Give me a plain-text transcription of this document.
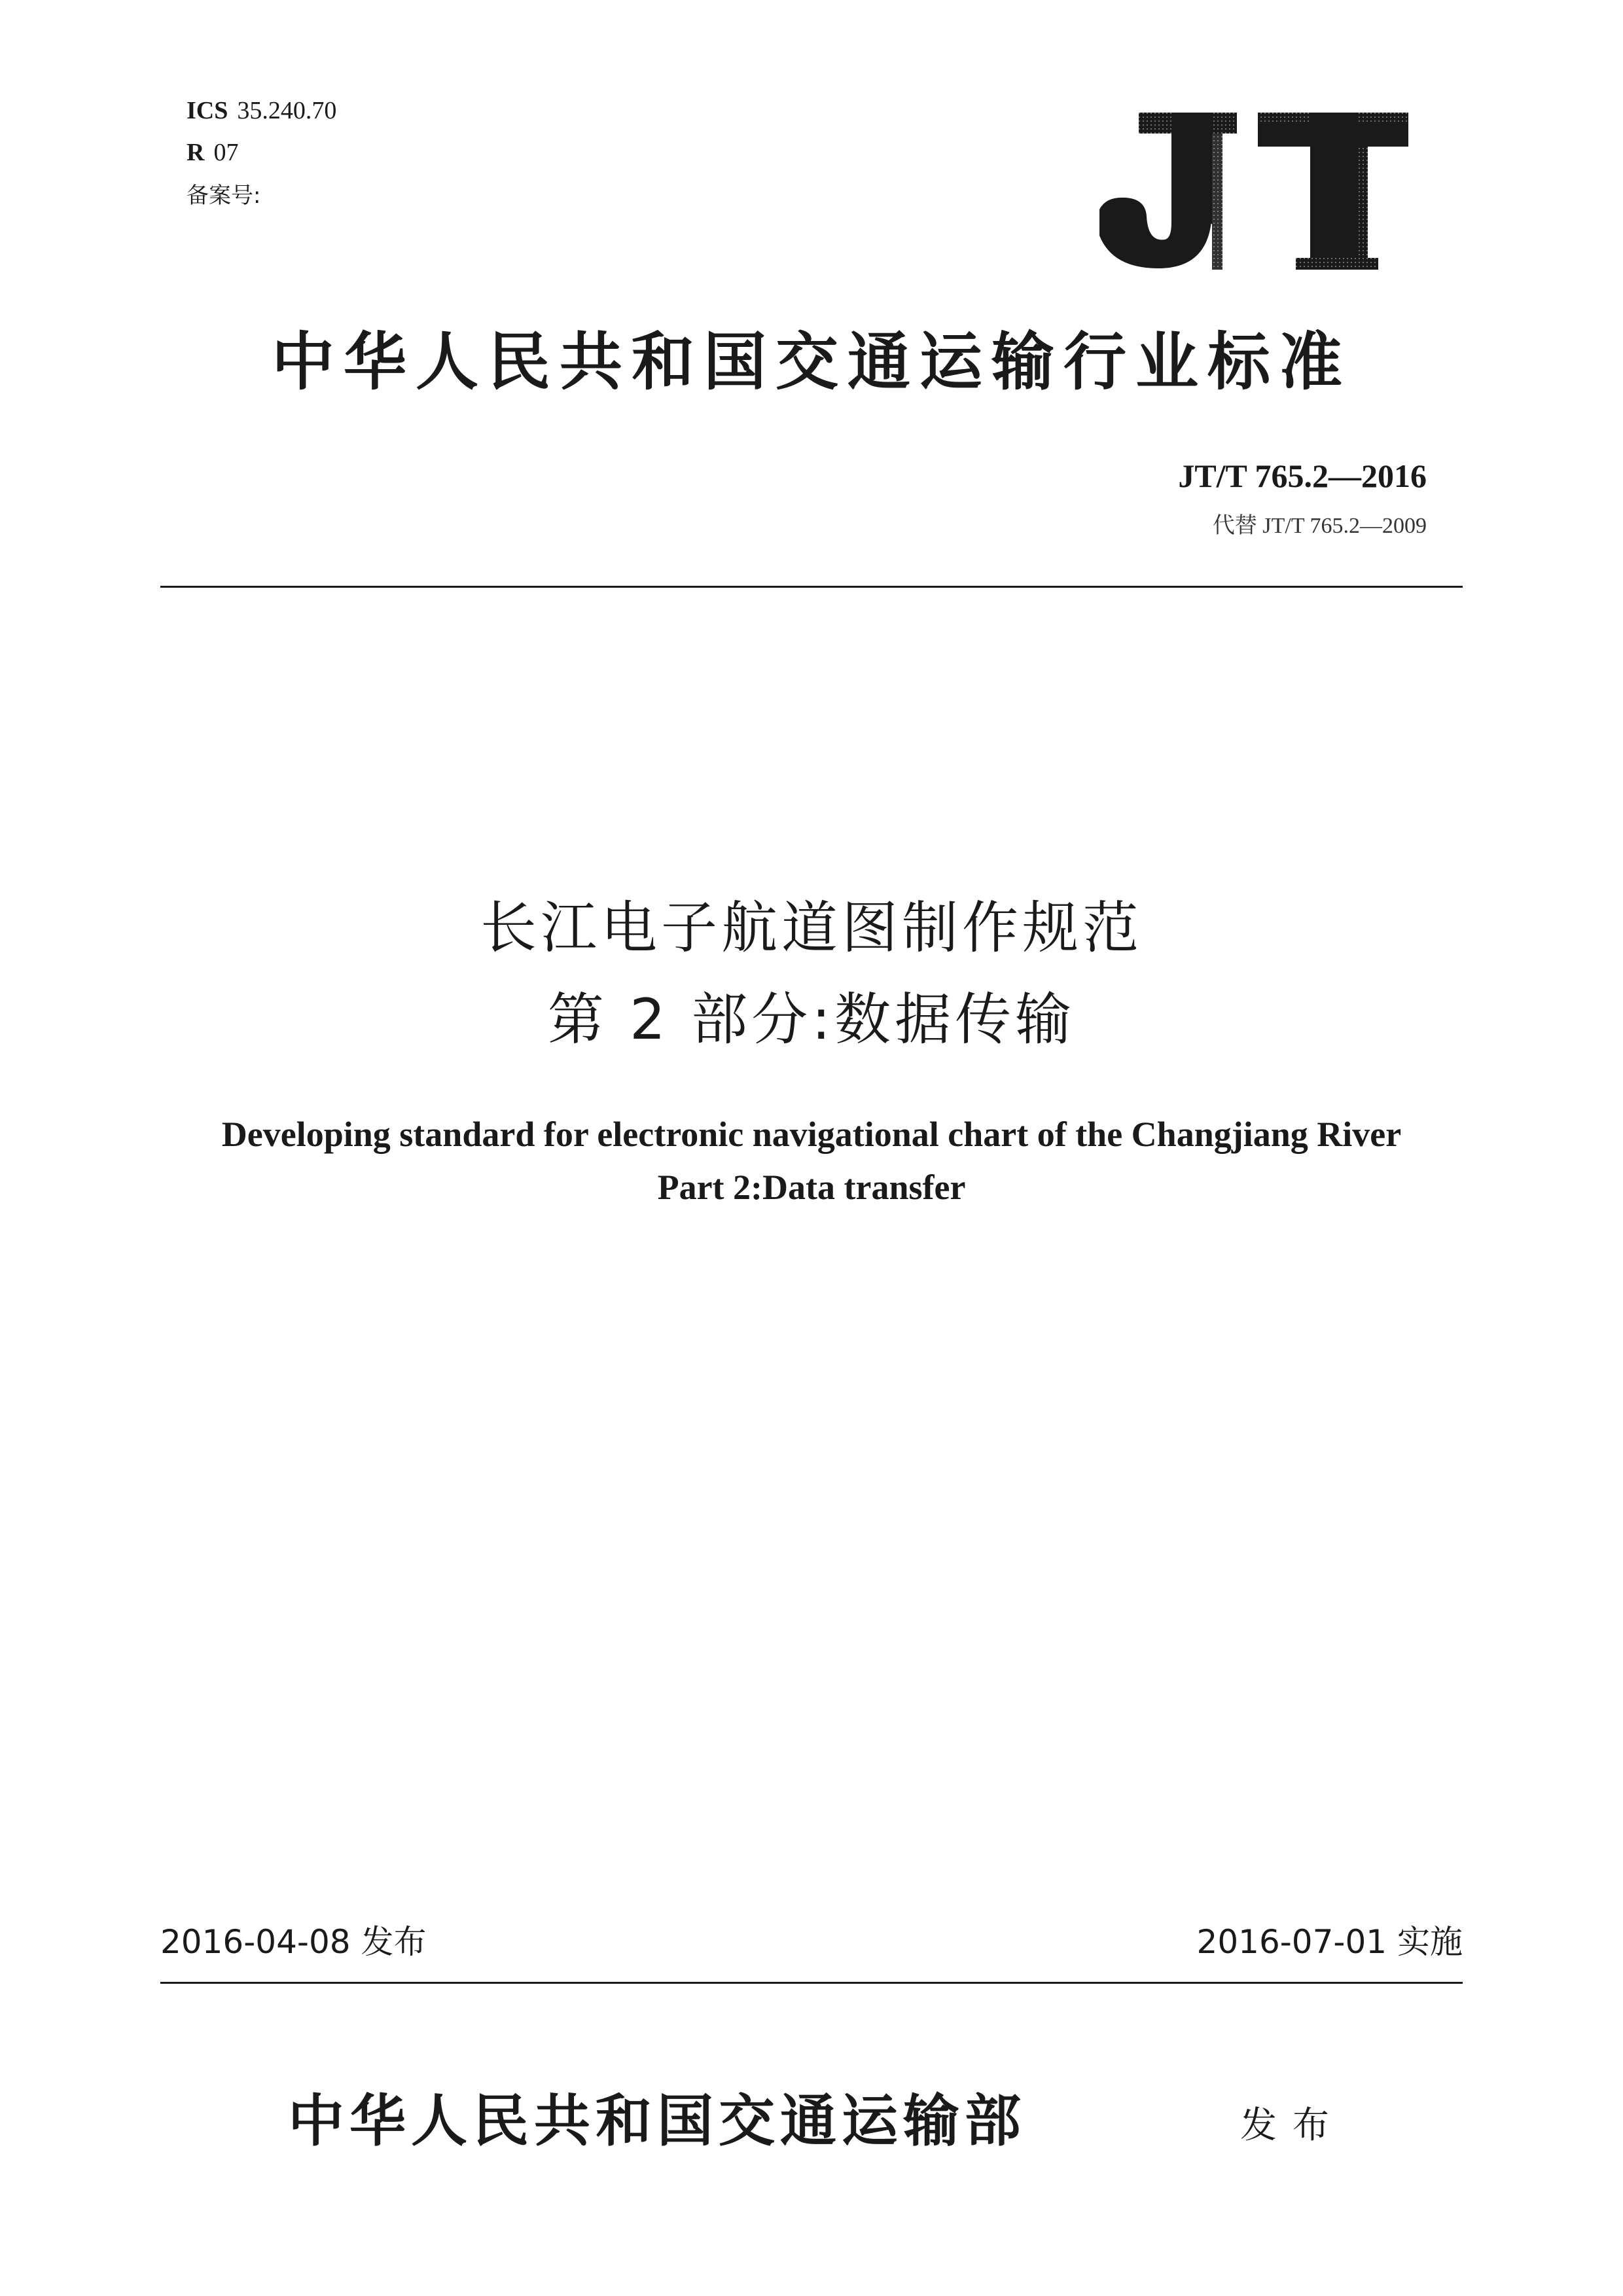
ICS 35.240.70
R 07
备案号:
中华人民共和国交通运输行业标准
JT/T 765.2—2016
代替 JT/T 765.2—2009
长江电子航道图制作规范
第 2 部分:数据传输
Developing standard for electronic navigational chart of the Changjiang River
Part 2:Data transfer
2016-04-08 发布	2016-07-01 实施
中华人民共和国交通运输部	发布
